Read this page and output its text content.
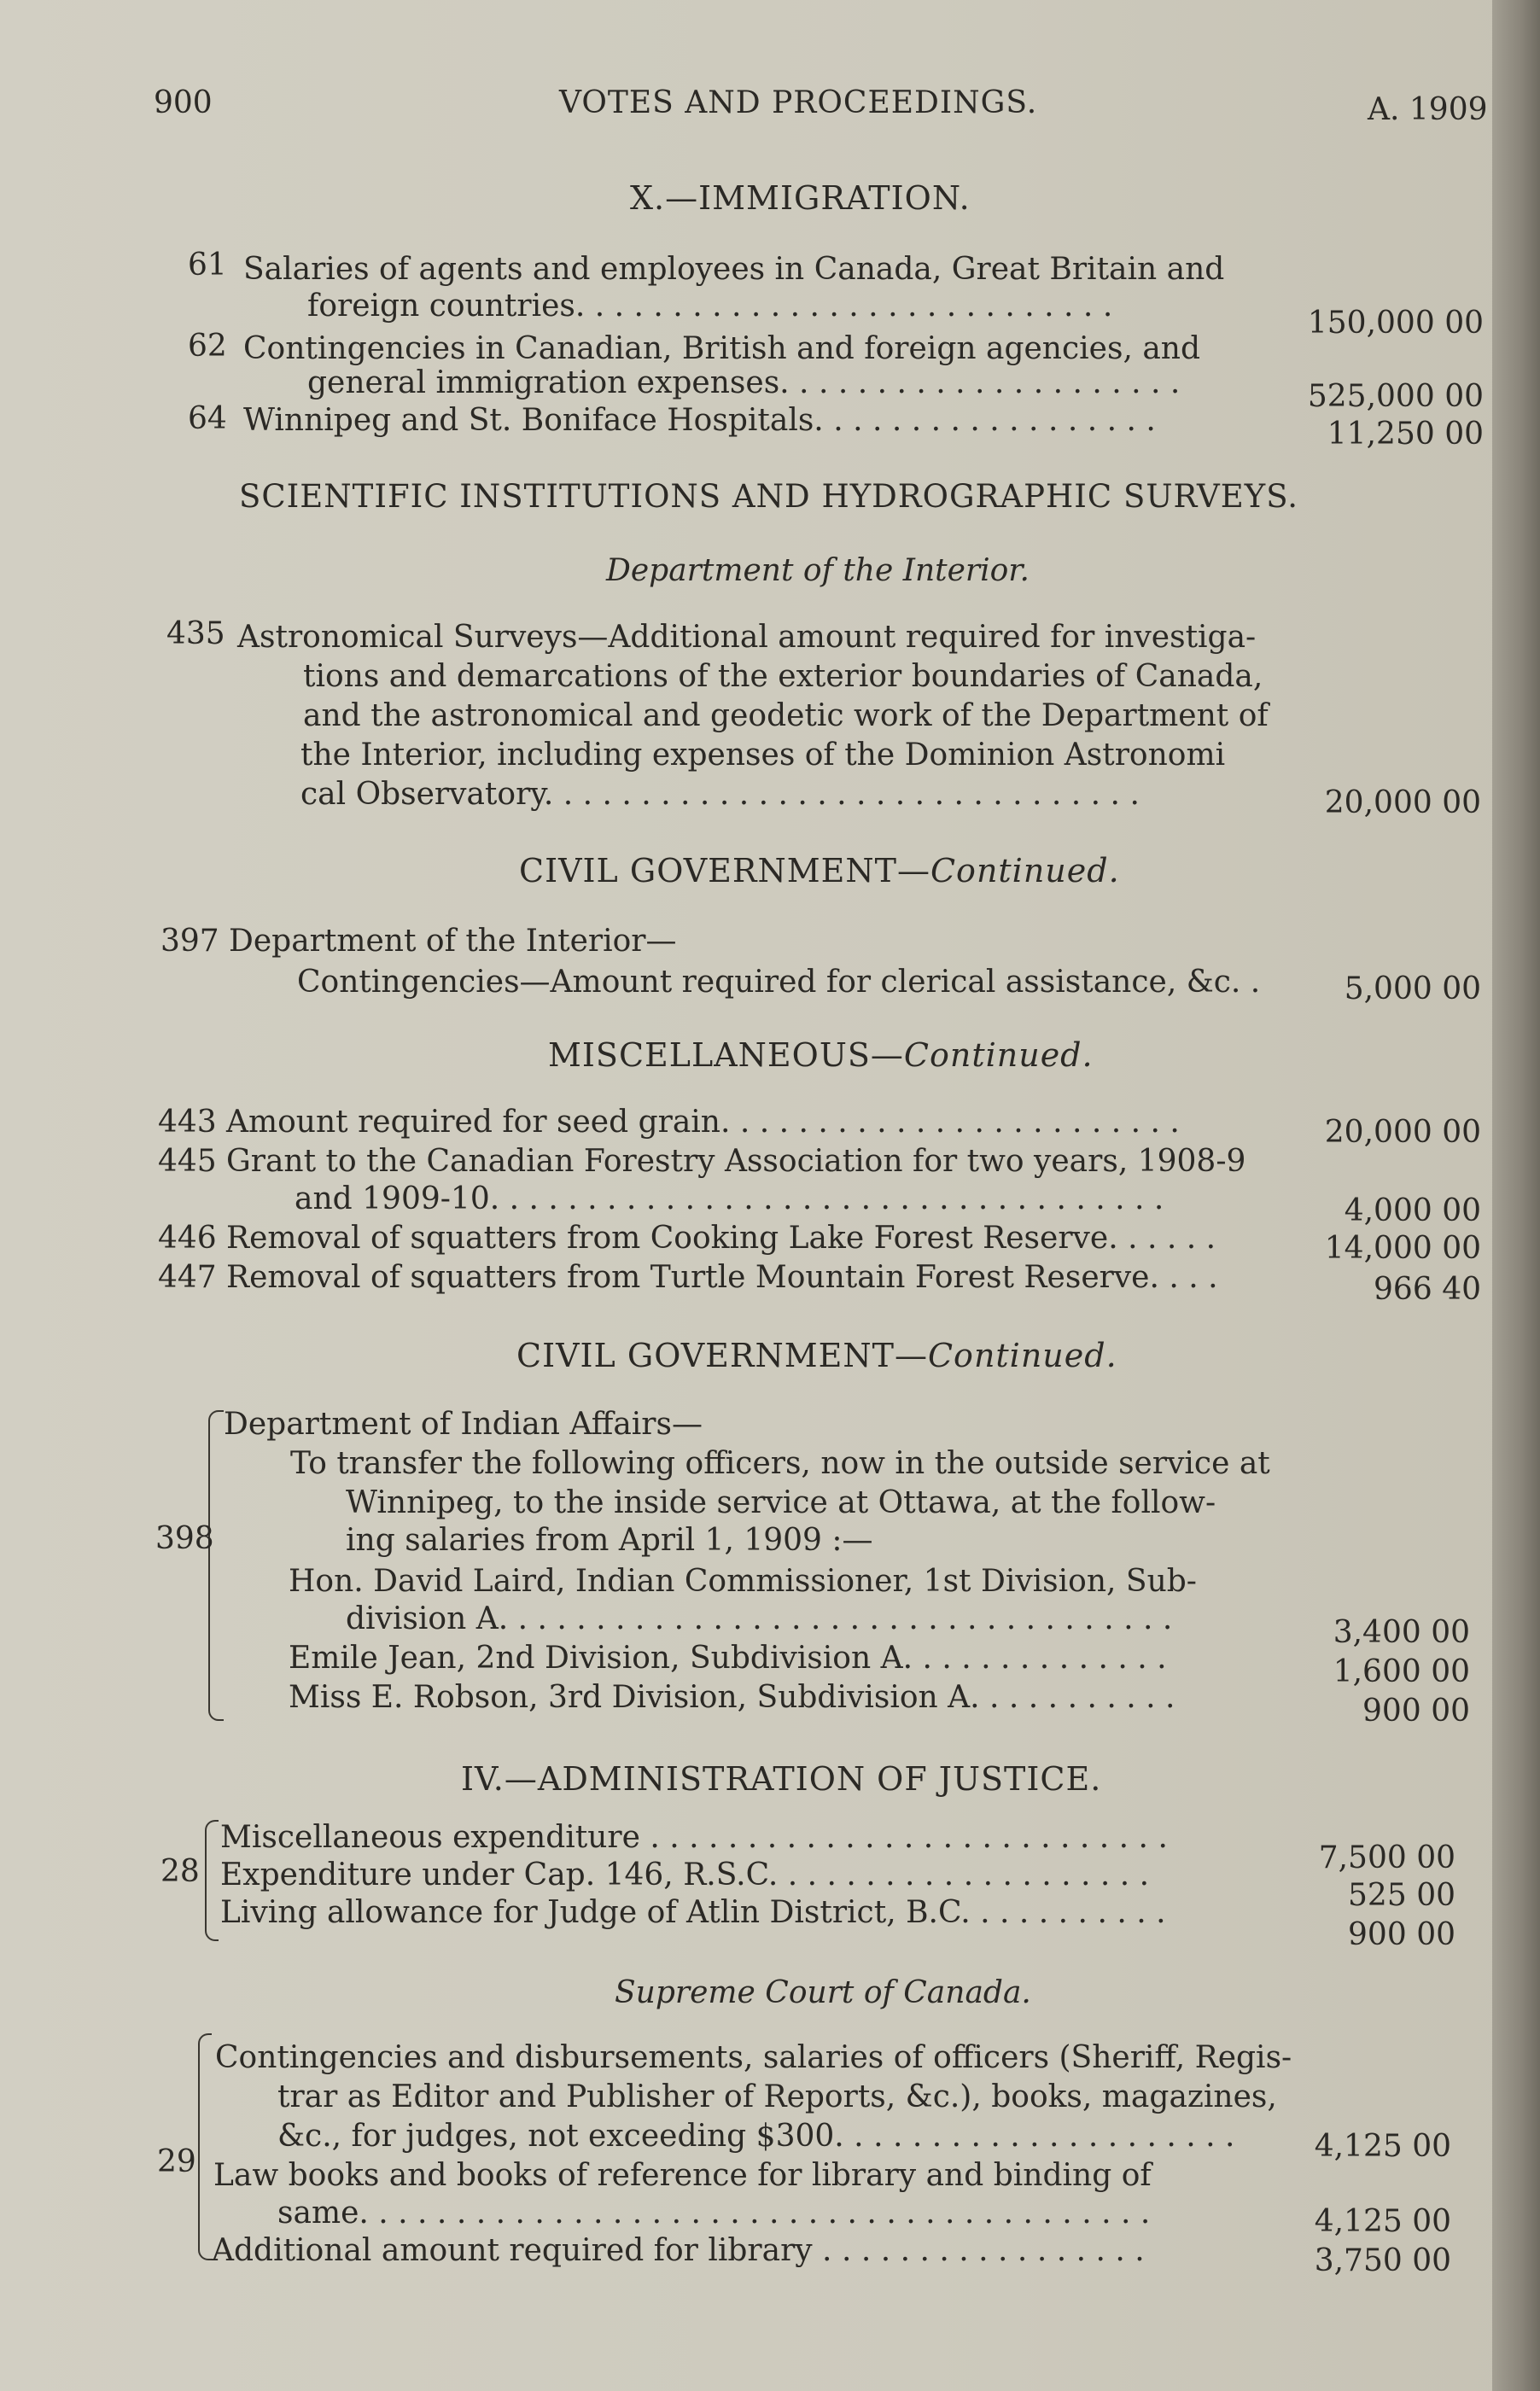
900	VOTES AND PROCEEDINGS.	A. 1909
X.—IMMIGRATION.
61 Salaries of agents and employees in Canada, Great Britain and
foreign countries. . . . . . . . . . . . . . . . . . . . . . . . . . . .	150,000 00
62 Contingencies in Canadian, British and foreign agencies, and
general immigration expenses. . . . . . . . . . . . . . . . . . . . .	525,000 00
64 Winnipeg and St. Boniface Hospitals. . . . . . . . . . . . . . . . . .	11,250 00
SCIENTIFIC INSTITUTIONS AND HYDROGRAPHIC SURVEYS.
Department of the Interior.
435 Astronomical Surveys—Additional amount required for investiga-
tions and demarcations of the exterior boundaries of Canada,
and the astronomical and geodetic work of the Department of
the Interior, including expenses of the Dominion Astronomi
cal Observatory. . . . . . . . . . . . . . . . . . . . . . . . . . . . . . .	20,000 00
CIVIL GOVERNMENT—Continued.
397 Department of the Interior—
Contingencies—Amount required for clerical assistance, &c. .	5,000 00
MISCELLANEOUS—Continued.
443 Amount required for seed grain. . . . . . . . . . . . . . . . . . . . . . . .	20,000 00
445 Grant to the Canadian Forestry Association for two years, 1908-9
and 1909-10. . . . . . . . . . . . . . . . . . . . . . . . . . . . . . . . . . .	4,000 00
446 Removal of squatters from Cooking Lake Forest Reserve. . . . . .	14,000 00
447 Removal of squatters from Turtle Mountain Forest Reserve. . . .	966 40
CIVIL GOVERNMENT—Continued.
398
Department of Indian Affairs—
To transfer the following officers, now in the outside service at
Winnipeg, to the inside service at Ottawa, at the follow-
ing salaries from April 1, 1909 :—
Hon. David Laird, Indian Commissioner, 1st Division, Sub-
division A. . . . . . . . . . . . . . . . . . . . . . . . . . . . . . . . . . .	3,400 00
Emile Jean, 2nd Division, Subdivision A. . . . . . . . . . . . . .	1,600 00
Miss E. Robson, 3rd Division, Subdivision A. . . . . . . . . . .	900 00
IV.—ADMINISTRATION OF JUSTICE.
28
Miscellaneous expenditure . . . . . . . . . . . . . . . . . . . . . . . . . . .
7,500 00
Expenditure under Cap. 146, R.S.C. . . . . . . . . . . . . . . . . . . .
525 00
Living allowance for Judge of Atlin District, B.C. . . . . . . . . . .
900 00
Supreme Court of Canada.
29
Contingencies and disbursements, salaries of officers (Sheriff, Regis-
trar as Editor and Publisher of Reports, &c.), books, magazines,
&c., for judges, not exceeding $300. . . . . . . . . . . . . . . . . . . . .	4,125 00
Law books and books of reference for library and binding of
same. . . . . . . . . . . . . . . . . . . . . . . . . . . . . . . . . . . . . . . . .	4,125 00
Additional amount required for library . . . . . . . . . . . . . . . . .	3,750 00
